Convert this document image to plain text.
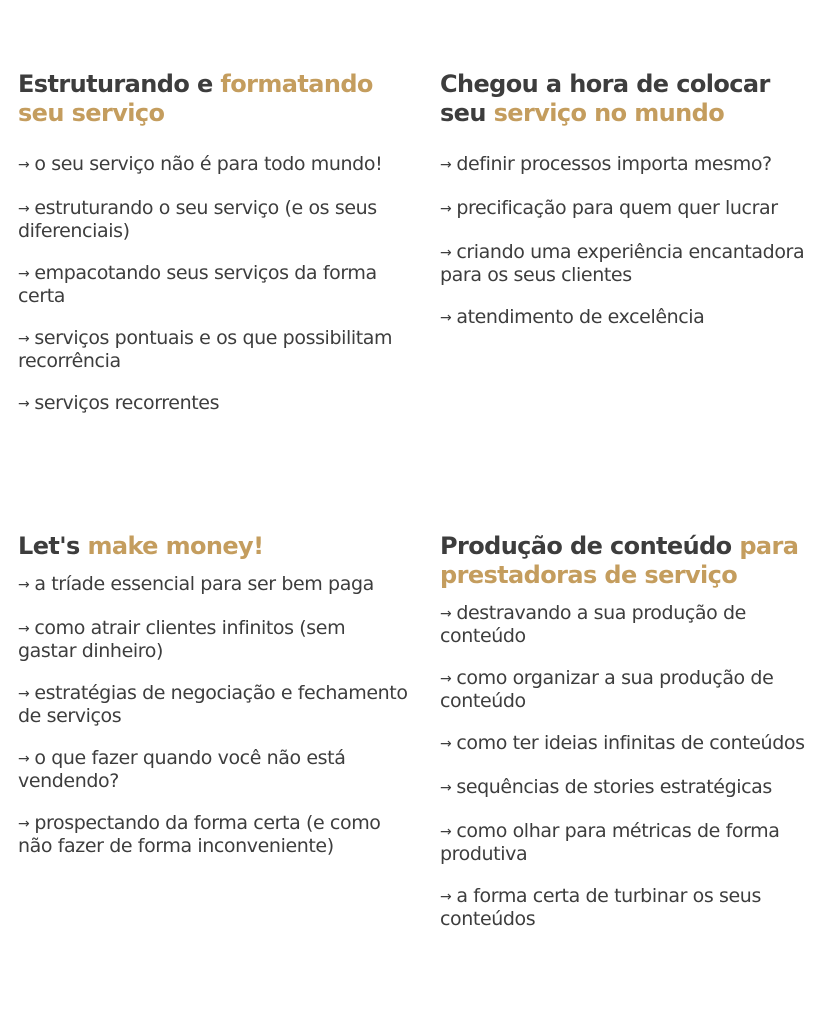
Estruturando e formatando seu serviço
→ o seu serviço não é para todo mundo!
→ estruturando o seu serviço (e os seus diferenciais)
→ empacotando seus serviços da forma certa
→ serviços pontuais e os que possibilitam recorrência
→ serviços recorrentes
Chegou a hora de colocar seu serviço no mundo
→ definir processos importa mesmo?
→ precificação para quem quer lucrar
→ criando uma experiência encantadora para os seus clientes
→ atendimento de excelência
Let's make money!
→ a tríade essencial para ser bem paga
→ como atrair clientes infinitos (sem gastar dinheiro)
→ estratégias de negociação e fechamento de serviços
→ o que fazer quando você não está vendendo?
→ prospectando da forma certa (e como não fazer de forma inconveniente)
Produção de conteúdo para prestadoras de serviço
→ destravando a sua produção de conteúdo
→ como organizar a sua produção de conteúdo
→ como ter ideias infinitas de conteúdos
→ sequências de stories estratégicas
→ como olhar para métricas de forma produtiva
→ a forma certa de turbinar os seus conteúdos
